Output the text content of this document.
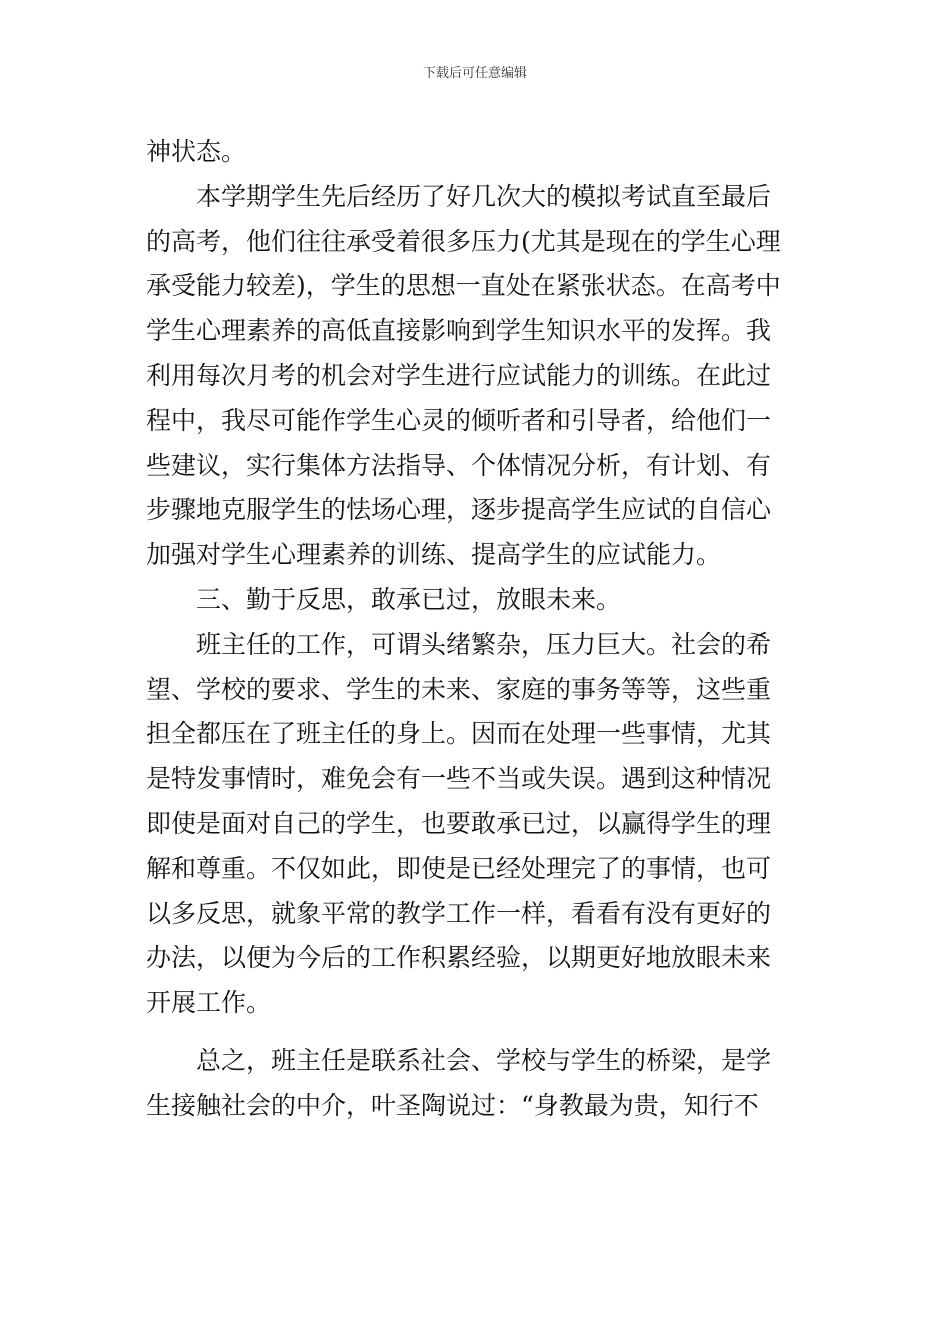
下载后可任意编辑
神状态。
本学期学生先后经历了好几次大的模拟考试直至最后
的高考，他们往往承受着很多压力(尤其是现在的学生心理
承受能力较差)，学生的思想一直处在紧张状态。在高考中
学生心理素养的高低直接影响到学生知识水平的发挥。我
利用每次月考的机会对学生进行应试能力的训练。在此过
程中，我尽可能作学生心灵的倾听者和引导者，给他们一
些建议，实行集体方法指导、个体情况分析，有计划、有
步骤地克服学生的怯场心理，逐步提高学生应试的自信心
加强对学生心理素养的训练、提高学生的应试能力。
三、勤于反思，敢承已过，放眼未来。
班主任的工作，可谓头绪繁杂，压力巨大。社会的希
望、学校的要求、学生的未来、家庭的事务等等，这些重
担全都压在了班主任的身上。因而在处理一些事情，尤其
是特发事情时，难免会有一些不当或失误。遇到这种情况
即使是面对自己的学生，也要敢承已过，以赢得学生的理
解和尊重。不仅如此，即使是已经处理完了的事情，也可
以多反思，就象平常的教学工作一样，看看有没有更好的
办法，以便为今后的工作积累经验，以期更好地放眼未来
开展工作。
总之，班主任是联系社会、学校与学生的桥梁，是学
生接触社会的中介，叶圣陶说过：“身教最为贵，知行不
